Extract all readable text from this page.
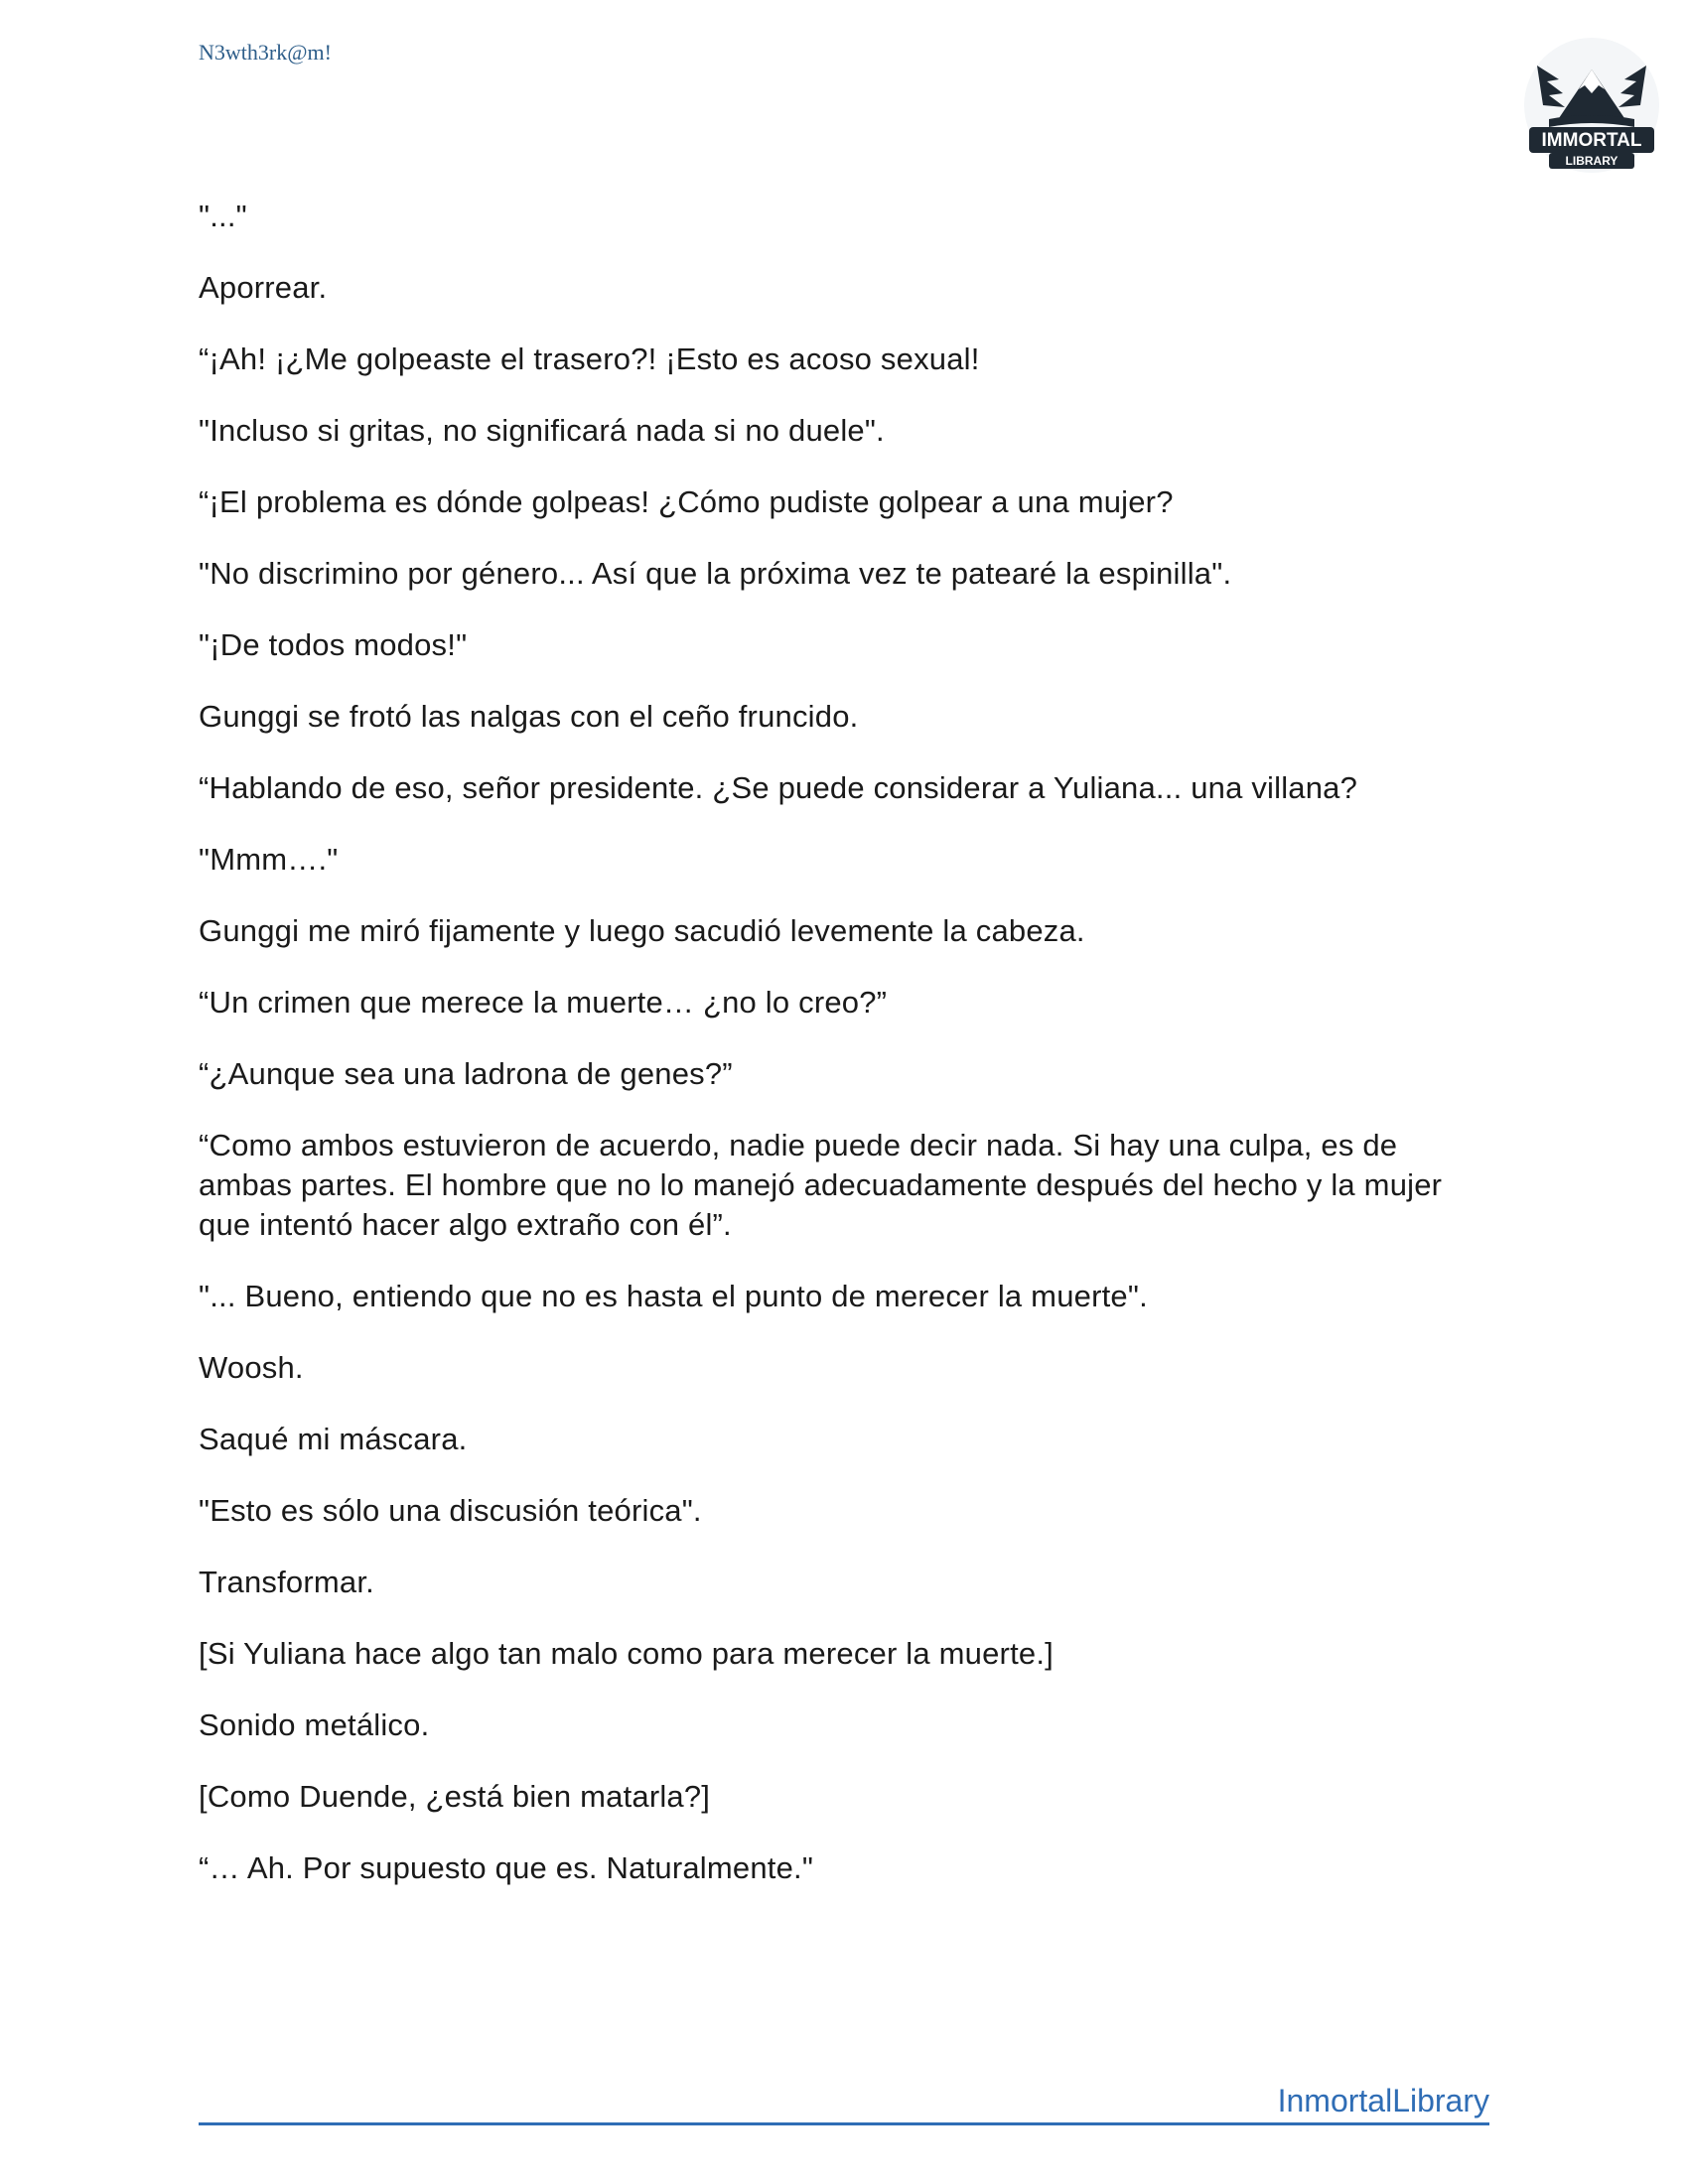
N3wth3rk@m!
IMMORTAL
LIBRARY

"..."

Aporrear.

“¡Ah! ¡¿Me golpeaste el trasero?! ¡Esto es acoso sexual!

"Incluso si gritas, no significará nada si no duele".

“¡El problema es dónde golpeas! ¿Cómo pudiste golpear a una mujer?

"No discrimino por género... Así que la próxima vez te patearé la espinilla".

"¡De todos modos!"

Gunggi se frotó las nalgas con el ceño fruncido.

“Hablando de eso, señor presidente. ¿Se puede considerar a Yuliana... una villana?

"Mmm…."

Gunggi me miró fijamente y luego sacudió levemente la cabeza.

“Un crimen que merece la muerte… ¿no lo creo?”

“¿Aunque sea una ladrona de genes?”

“Como ambos estuvieron de acuerdo, nadie puede decir nada. Si hay una culpa, es de ambas partes. El hombre que no lo manejó adecuadamente después del hecho y la mujer que intentó hacer algo extraño con él”.

"... Bueno, entiendo que no es hasta el punto de merecer la muerte".

Woosh.

Saqué mi máscara.

"Esto es sólo una discusión teórica".

Transformar.

[Si Yuliana hace algo tan malo como para merecer la muerte.]

Sonido metálico.

[Como Duende, ¿está bien matarla?]

“… Ah. Por supuesto que es. Naturalmente."

InmortalLibrary
